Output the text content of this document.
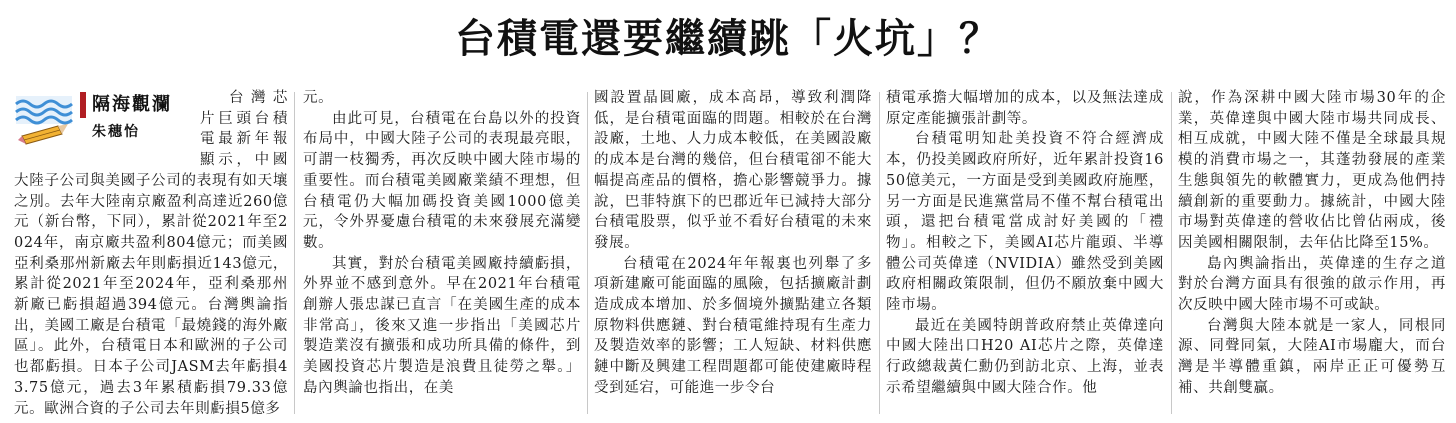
台積電還要繼續跳「火坑」？
隔海觀瀾
朱穗怡

台灣芯片巨頭台積電最新年報顯示，中國大陸子公司與美國子公司的表現有如天壤之別。去年大陸南京廠盈利高達近260億元（新台幣，下同），累計從2021年至2024年，南京廠共盈利804億元；而美國亞利桑那州新廠去年則虧損近143億元，累計從2021年至2024年，亞利桑那州新廠已虧損超過394億元。台灣輿論指出，美國工廠是台積電「最燒錢的海外廠區」。此外，台積電日本和歐洲的子公司也都虧損。日本子公司JASM去年虧損43.75億元，過去3年累積虧損79.33億元。歐洲合資的子公司去年則虧損5億多

元。

由此可見，台積電在台島以外的投資布局中，中國大陸子公司的表現最亮眼，可謂一枝獨秀，再次反映中國大陸市場的重要性。而台積電美國廠業績不理想，但台積電仍大幅加碼投資美國1000億美元，令外界憂慮台積電的未來發展充滿變數。

其實，對於台積電美國廠持續虧損，外界並不感到意外。早在2021年台積電創辦人張忠謀已直言「在美國生產的成本非常高」，後來又進一步指出「美國芯片製造業沒有擴張和成功所具備的條件，到美國投資芯片製造是浪費且徒勞之舉。」島內輿論也指出，在美

國設置晶圓廠，成本高昂，導致利潤降低，是台積電面臨的問題。相較於在台灣設廠，土地、人力成本較低，在美國設廠的成本是台灣的幾倍，但台積電卻不能大幅提高產品的價格，擔心影響競爭力。據說，巴菲特旗下的巴郡近年已減持大部分台積電股票，似乎並不看好台積電的未來發展。

台積電在2024年年報裏也列舉了多項新建廠可能面臨的風險，包括擴廠計劃造成成本增加、於多個境外擴點建立各類原物料供應鏈、對台積電維持現有生產力及製造效率的影響；工人短缺、材料供應鏈中斷及興建工程問題都可能使建廠時程受到延宕，可能進一步令台

積電承擔大幅增加的成本，以及無法達成原定產能擴張計劃等。

台積電明知赴美投資不符合經濟成本，仍投美國政府所好，近年累計投資1650億美元，一方面是受到美國政府施壓，另一方面是民進黨當局不僅不幫台積電出頭，還把台積電當成討好美國的「禮物」。相較之下，美國AI芯片龍頭、半導體公司英偉達（NVIDIA）雖然受到美國政府相關政策限制，但仍不願放棄中國大陸市場。

最近在美國特朗普政府禁止英偉達向中國大陸出口H20 AI芯片之際，英偉達行政總裁黃仁勳仍到訪北京、上海，並表示希望繼續與中國大陸合作。他

說，作為深耕中國大陸市場30年的企業，英偉達與中國大陸市場共同成長、相互成就，中國大陸不僅是全球最具規模的消費市場之一，其蓬勃發展的產業生態與領先的軟體實力，更成為他們持續創新的重要動力。據統計，中國大陸市場對英偉達的營收佔比曾佔兩成，後因美國相關限制，去年佔比降至15%。

島內輿論指出，英偉達的生存之道對於台灣方面具有很強的啟示作用，再次反映中國大陸市場不可或缺。

台灣與大陸本就是一家人，同根同源、同聲同氣，大陸AI市場龐大，而台灣是半導體重鎮，兩岸正正可優勢互補、共創雙贏。
